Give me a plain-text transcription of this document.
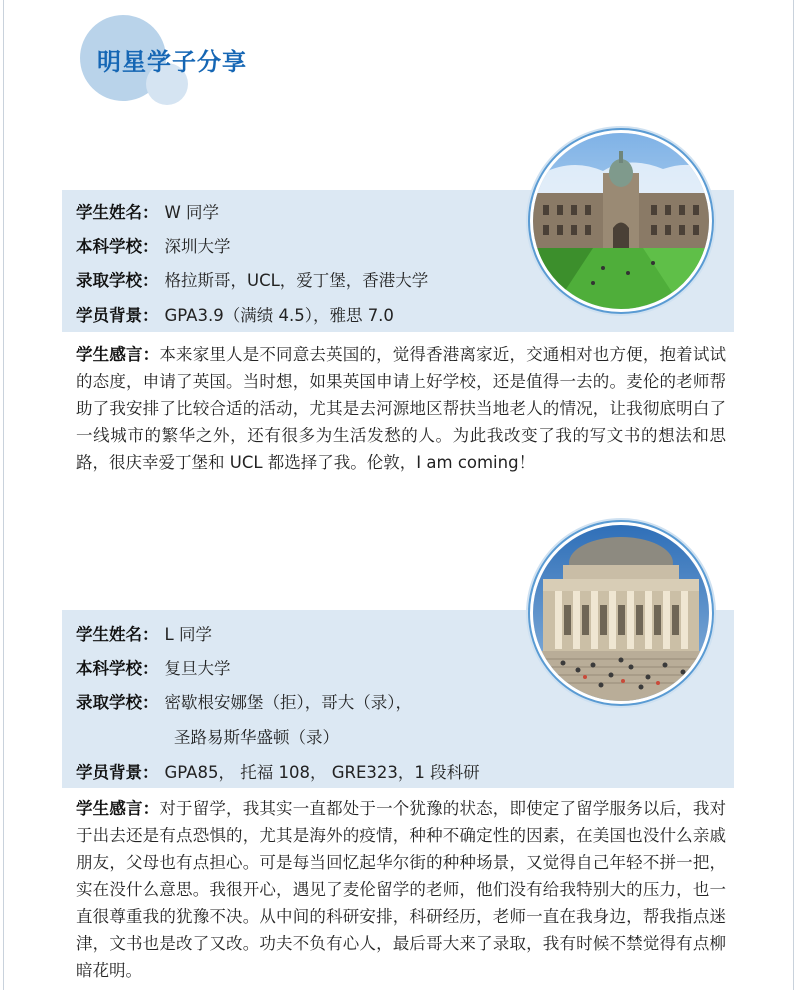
明星学子分享
学生姓名： W 同学
本科学校： 深圳大学
录取学校： 格拉斯哥，UCL，爱丁堡，香港大学
学员背景： GPA3.9（满绩 4.5），雅思 7.0
学生感言：本来家里人是不同意去英国的，觉得香港离家近，交通相对也方便，抱着试试的态度，申请了英国。当时想，如果英国申请上好学校，还是值得一去的。麦伦的老师帮助了我安排了比较合适的活动，尤其是去河源地区帮扶当地老人的情况，让我彻底明白了一线城市的繁华之外，还有很多为生活发愁的人。为此我改变了我的写文书的想法和思路，很庆幸爱丁堡和 UCL 都选择了我。伦敦，I am coming！
学生姓名： L 同学
本科学校： 复旦大学
录取学校： 密歇根安娜堡（拒），哥大（录），
圣路易斯华盛顿（录）
学员背景： GPA85， 托福 108， GRE323，1 段科研
学生感言：对于留学，我其实一直都处于一个犹豫的状态，即使定了留学服务以后，我对于出去还是有点恐惧的，尤其是海外的疫情，种种不确定性的因素，在美国也没什么亲戚朋友，父母也有点担心。可是每当回忆起华尔街的种种场景，又觉得自己年轻不拼一把，实在没什么意思。我很开心，遇见了麦伦留学的老师，他们没有给我特别大的压力，也一直很尊重我的犹豫不决。从中间的科研安排，科研经历，老师一直在我身边，帮我指点迷津，文书也是改了又改。功夫不负有心人，最后哥大来了录取，我有时候不禁觉得有点柳暗花明。
